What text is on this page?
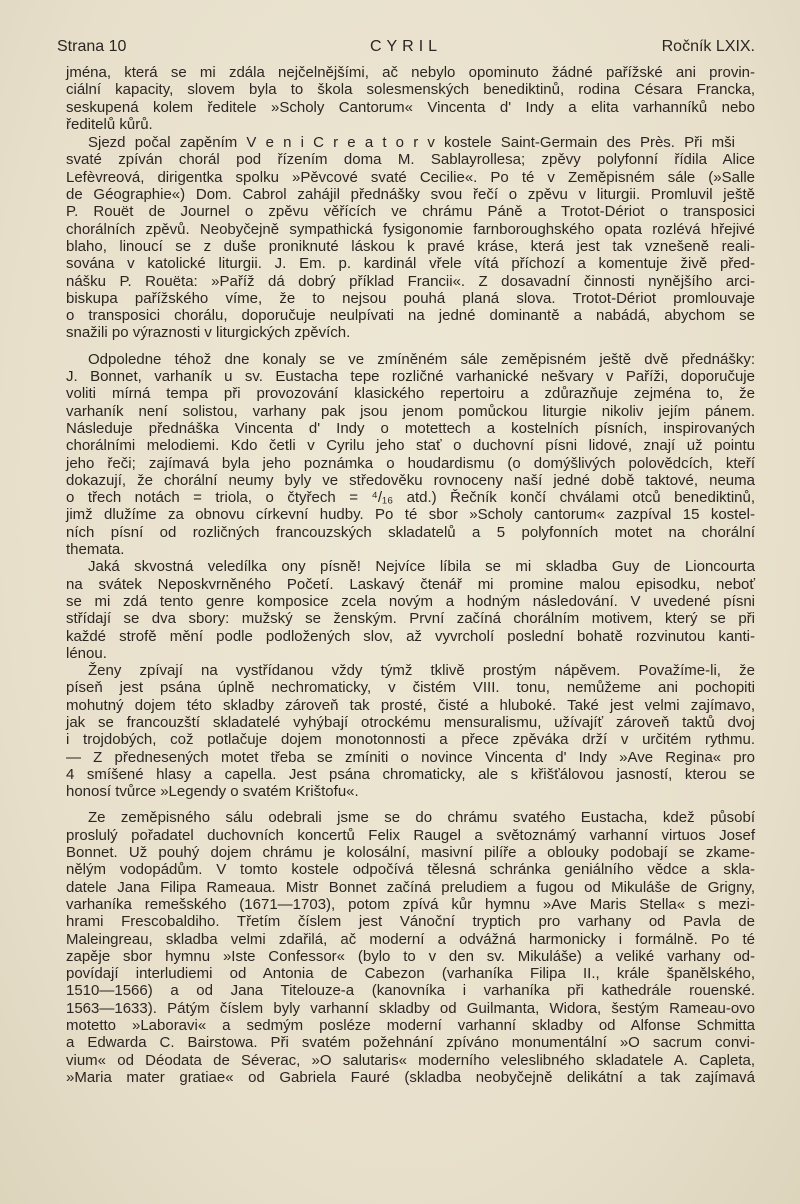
Strana 10	CYRIL	Ročník LXIX.
jména, která se mi zdála nejčelnějšími, ač nebylo opominuto žádné pařížské ani provin-
ciální kapacity, slovem byla to škola solesmenských benediktinů, rodina Césara Francka,
seskupená kolem ředitele »Scholy Cantorum« Vincenta d' Indy a elita varhanníků nebo
ředitelů kůrů.
Sjezd počal zapěním V e n i C r e a t o r v kostele Saint-Germain des Près. Při mši
svaté zpíván chorál pod řízením doma M. Sablayrollesa; zpěvy polyfonní řídila Alice
Lefèvreová, dirigentka spolku »Pěvcové svaté Cecilie«. Po té v Zeměpisném sále (»Salle
de Géographie«) Dom. Cabrol zahájil přednášky svou řečí o zpěvu v liturgii. Promluvil ještě
P. Rouët de Journel o zpěvu věřících ve chrámu Páně a Trotot-Dériot o transposici
chorálních zpěvů. Neobyčejně sympathická fysigonomie farnboroughského opata rozlévá hřejivé
blaho, linoucí se z duše proniknuté láskou k pravé kráse, která jest tak vznešeně reali-
sována v katolické liturgii. J. Em. p. kardinál vřele vítá příchozí a komentuje živě před-
nášku P. Rouëta: »Paříž dá dobrý příklad Francii«. Z dosavadní činnosti nynějšího arci-
biskupa pařížského víme, že to nejsou pouhá planá slova. Trotot-Dériot promlouvaje
o transposici chorálu, doporučuje neulpívati na jedné dominantě a nabádá, abychom se
snažili po výraznosti v liturgických zpěvích.
Odpoledne téhož dne konaly se ve zmíněném sále zeměpisném ještě dvě přednášky:
J. Bonnet, varhaník u sv. Eustacha tepe rozličné varhanické nešvary v Paříži, doporučuje
voliti mírná tempa při provozování klasického repertoiru a zdůrazňuje zejména to, že
varhaník není solistou, varhany pak jsou jenom pomůckou liturgie nikoliv jejím pánem.
Následuje přednáška Vincenta d' Indy o motettech a kostelních písních, inspirovaných
chorálními melodiemi. Kdo četli v Cyrilu jeho stať o duchovní písni lidové, znají už pointu
jeho řeči; zajímavá byla jeho poznámka o houdardismu (o domýšlivých polovědcích, kteří
dokazují, že chorální neumy byly ve středověku rovnoceny naší jedné době taktové, neuma
o třech notách = triola, o čtyřech = ⁴/₁₆ atd.) Řečník končí chválami otců benediktinů,
jimž dlužíme za obnovu církevní hudby. Po té sbor »Scholy cantorum« zazpíval 15 kostel-
ních písní od rozličných francouzských skladatelů a 5 polyfonních motet na chorální
themata.
Jaká skvostná veledílka ony písně! Nejvíce líbila se mi skladba Guy de Lioncourta
na svátek Neposkvrněného Početí. Laskavý čtenář mi promine malou episodku, neboť
se mi zdá tento genre komposice zcela novým a hodným následování. V uvedené písni
střídají se dva sbory: mužský se ženským. První začíná chorálním motivem, který se při
každé strofě mění podle podložených slov, až vyvrcholí poslední bohatě rozvinutou kanti-
lénou.
Ženy zpívají na vystřídanou vždy týmž tklivě prostým nápěvem. Považíme-li, že
píseň jest psána úplně nechromaticky, v čistém VIII. tonu, nemůžeme ani pochopiti
mohutný dojem této skladby zároveň tak prosté, čisté a hluboké. Také jest velmi zajímavo,
jak se francouzští skladatelé vyhýbají otrockému mensuralismu, užívajíť zároveň taktů dvoj
i trojdobých, což potlačuje dojem monotonnosti a přece zpěváka drží v určitém rythmu.
— Z přednesených motet třeba se zmíniti o novince Vincenta d' Indy »Ave Regina« pro
4 smíšené hlasy a capella. Jest psána chromaticky, ale s křišťálovou jasností, kterou se
honosí tvůrce »Legendy o svatém Krištofu«.
Ze zeměpisného sálu odebrali jsme se do chrámu svatého Eustacha, kdež působí
proslulý pořadatel duchovních koncertů Felix Raugel a světoznámý varhanní virtuos Josef
Bonnet. Už pouhý dojem chrámu je kolosální, masivní pilíře a oblouky podobají se zkame-
nělým vodopádům. V tomto kostele odpočívá tělesná schránka geniálního vědce a skla-
datele Jana Filipa Rameaua. Mistr Bonnet začíná preludiem a fugou od Mikuláše de Grigny,
varhaníka remešského (1671—1703), potom zpívá kůr hymnu »Ave Maris Stella« s mezi-
hrami Frescobaldiho. Třetím číslem jest Vánoční tryptich pro varhany od Pavla de
Maleingreau, skladba velmi zdařilá, ač moderní a odvážná harmonicky i formálně. Po té
zapěje sbor hymnu »Iste Confessor« (bylo to v den sv. Mikuláše) a veliké varhany od-
povídají interludiemi od Antonia de Cabezon (varhaníka Filipa II., krále španělského,
1510—1566) a od Jana Titelouze-a (kanovníka i varhaníka při kathedrále rouenské.
1563—1633). Pátým číslem byly varhanní skladby od Guilmanta, Widora, šestým Rameau-ovo
motetto »Laboravi« a sedmým posléze moderní varhanní skladby od Alfonse Schmitta
a Edwarda C. Bairstowa. Při svatém požehnání zpíváno monumentální »O sacrum convi-
vium« od Déodata de Séverac, »O salutaris« moderního veleslibného skladatele A. Capleta,
»Maria mater gratiae« od Gabriela Fauré (skladba neobyčejně delikátní a tak zajímavá
